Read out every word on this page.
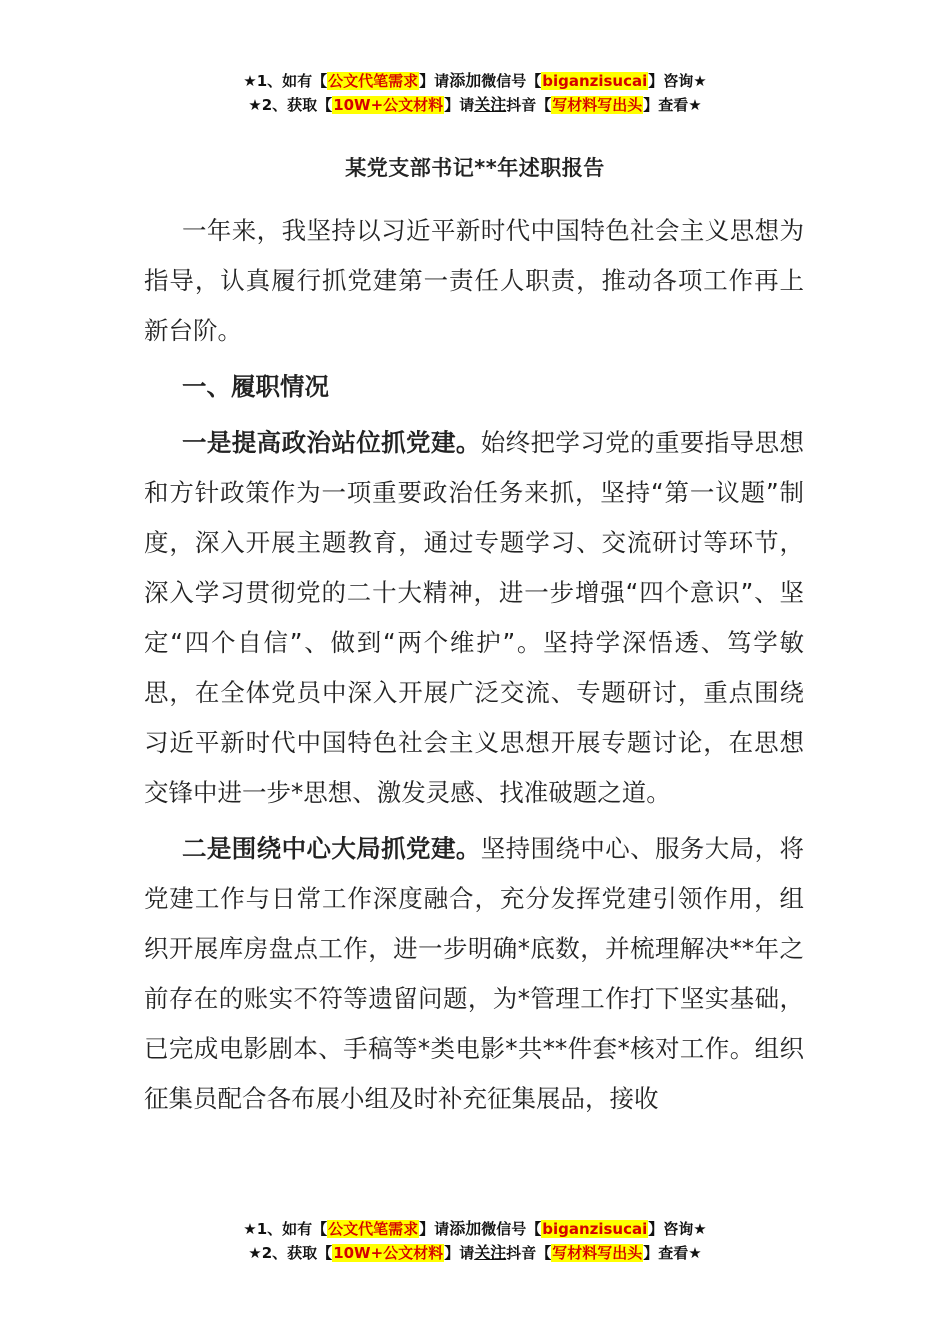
★1、如有【公文代笔需求】请添加微信号【biganzisucai】咨询★
★2、获取【10W+公文材料】请关注抖音【写材料写出头】查看★
某党支部书记**年述职报告

一年来，我坚持以习近平新时代中国特色社会主义思想为指导，认真履行抓党建第一责任人职责，推动各项工作再上新台阶。

一、履职情况

一是提高政治站位抓党建。始终把学习党的重要指导思想和方针政策作为一项重要政治任务来抓，坚持“第一议题”制度，深入开展主题教育，通过专题学习、交流研讨等环节，深入学习贯彻党的二十大精神，进一步增强“四个意识”、坚定“四个自信”、做到“两个维护”。坚持学深悟透、笃学敏思，在全体党员中深入开展广泛交流、专题研讨，重点围绕习近平新时代中国特色社会主义思想开展专题讨论，在思想交锋中进一步*思想、激发灵感、找准破题之道。

二是围绕中心大局抓党建。坚持围绕中心、服务大局，将党建工作与日常工作深度融合，充分发挥党建引领作用，组织开展库房盘点工作，进一步明确*底数，并梳理解决**年之前存在的账实不符等遗留问题，为*管理工作打下坚实基础，已完成电影剧本、手稿等*类电影*共**件套*核对工作。组织征集员配合各布展小组及时补充征集展品，接收

★1、如有【公文代笔需求】请添加微信号【biganzisucai】咨询★
★2、获取【10W+公文材料】请关注抖音【写材料写出头】查看★
